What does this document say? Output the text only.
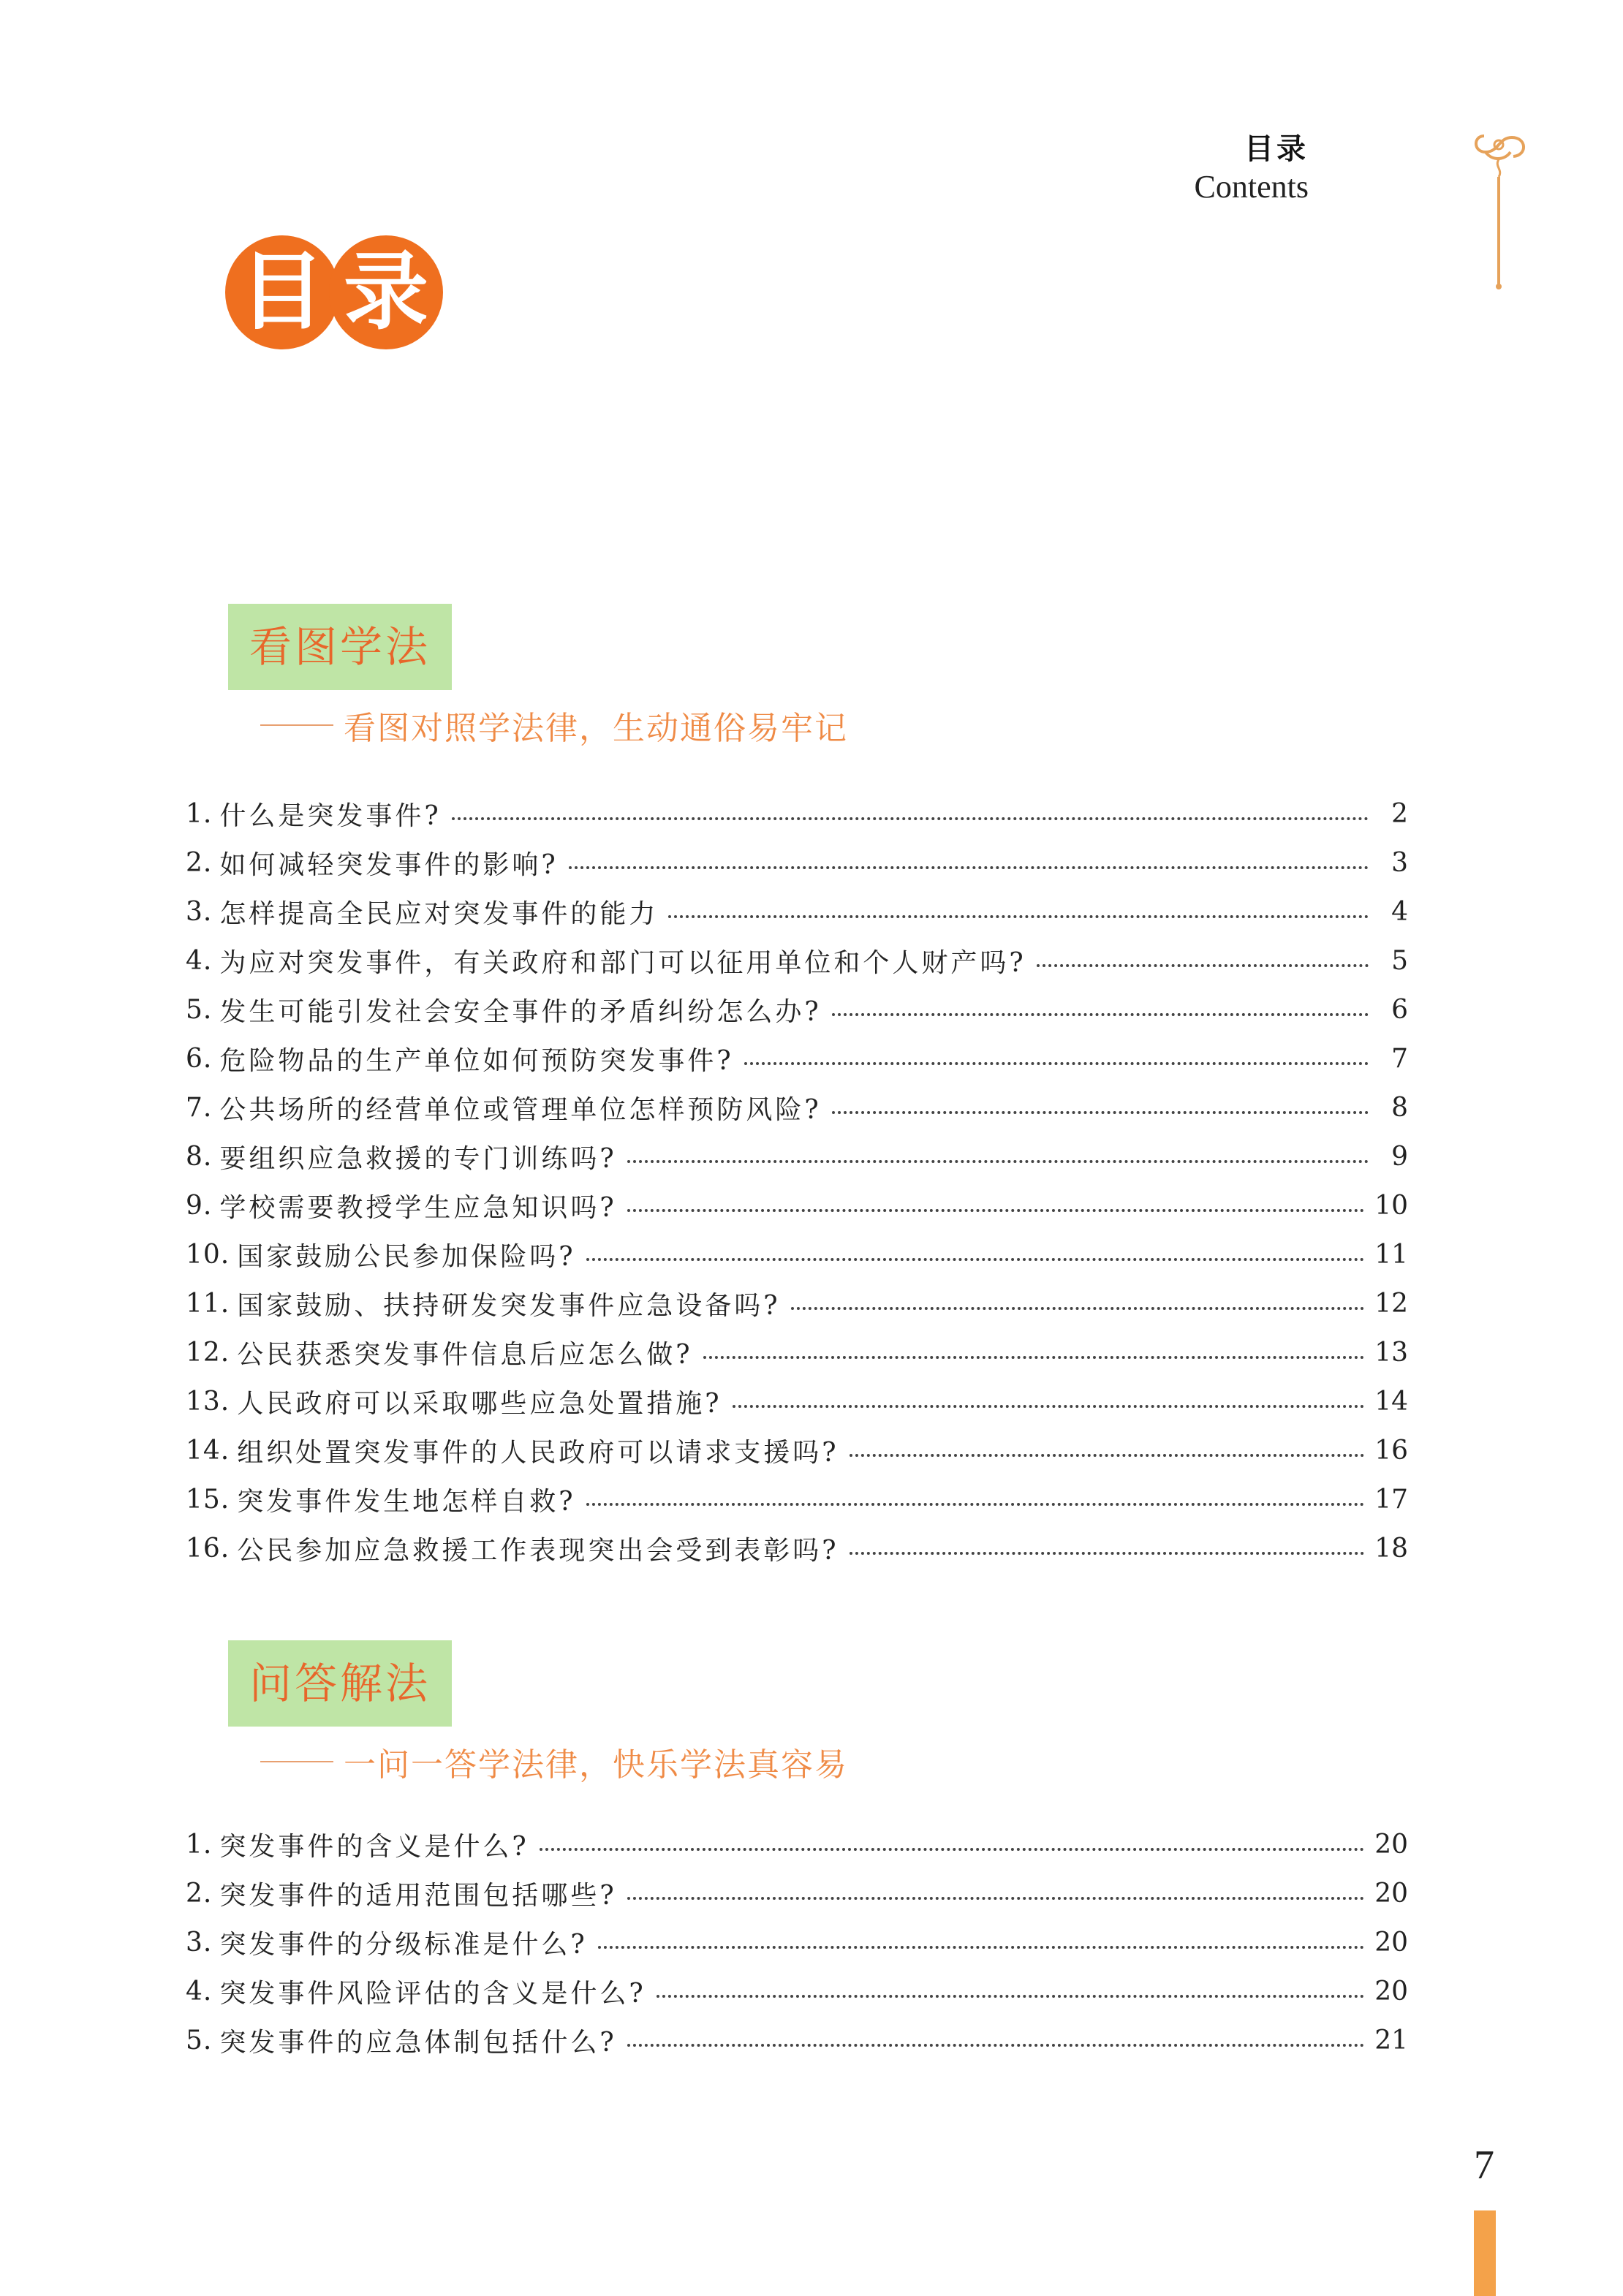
目录
Contents
目 录
看图学法
看图对照学法律，生动通俗易牢记
1. 什么是突发事件?	2
2. 如何减轻突发事件的影响?	3
3. 怎样提高全民应对突发事件的能力	4
4. 为应对突发事件，有关政府和部门可以征用单位和个人财产吗?	5
5. 发生可能引发社会安全事件的矛盾纠纷怎么办?	6
6. 危险物品的生产单位如何预防突发事件?	7
7. 公共场所的经营单位或管理单位怎样预防风险?	8
8. 要组织应急救援的专门训练吗?	9
9. 学校需要教授学生应急知识吗?	10
10. 国家鼓励公民参加保险吗?	11
11. 国家鼓励、扶持研发突发事件应急设备吗?	12
12. 公民获悉突发事件信息后应怎么做?	13
13. 人民政府可以采取哪些应急处置措施?	14
14. 组织处置突发事件的人民政府可以请求支援吗?	16
15. 突发事件发生地怎样自救?	17
16. 公民参加应急救援工作表现突出会受到表彰吗?	18
问答解法
一问一答学法律，快乐学法真容易
1. 突发事件的含义是什么?	20
2. 突发事件的适用范围包括哪些?	20
3. 突发事件的分级标准是什么?	20
4. 突发事件风险评估的含义是什么?	20
5. 突发事件的应急体制包括什么?	21
7
